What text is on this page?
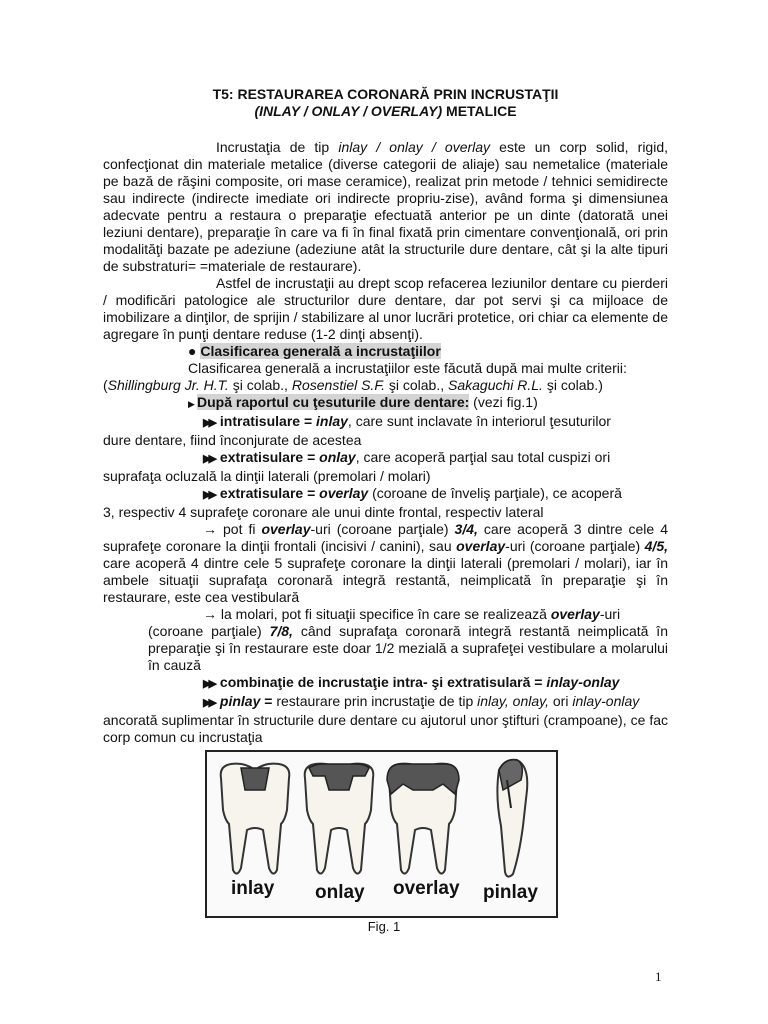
T5: RESTAURAREA CORONARĂ PRIN INCRUSTAŢII

(INLAY / ONLAY / OVERLAY) METALICE

Incrustaţia de tip inlay / onlay / overlay este un corp solid, rigid, confecţionat din materiale metalice (diverse categorii de aliaje) sau nemetalice (materiale pe bază de răşini composite, ori mase ceramice), realizat prin metode / tehnici semidirecte sau indirecte (indirecte imediate ori indirecte propriu-zise), având forma şi dimensiunea adecvate pentru a restaura o preparaţie efectuată anterior pe un dinte (datorată unei leziuni dentare), preparaţie în care va fi în final fixată prin cimentare convenţională, ori prin modalităţi bazate pe adeziune (adeziune atât la structurile dure dentare, cât şi la alte tipuri de substraturi= =materiale de restaurare).

Astfel de incrustaţii au drept scop refacerea leziunilor dentare cu pierderi / modificări patologice ale structurilor dure dentare, dar pot servi şi ca mijloace de imobilizare a dinţilor, de sprijin / stabilizare al unor lucrări protetice, ori chiar ca elemente de agregare în punţi dentare reduse (1-2 dinţi absenţi).

● Clasificarea generală a incrustaţiilor

Clasificarea generală a incrustaţiilor este făcută după mai multe criterii:

(Shillingburg Jr. H.T. şi colab., Rosenstiel S.F. şi colab., Sakaguchi R.L. şi colab.)

▶ După raportul cu ţesuturile dure dentare: (vezi fig.1)

▶▶ intratisulare = inlay, care sunt inclavate în interiorul ţesuturilor

dure dentare, fiind înconjurate de acestea

▶▶ extratisulare = onlay, care acoperă parţial sau total cuspizi ori

suprafaţa ocluzală la dinţii laterali (premolari / molari)

▶▶ extratisulare = overlay (coroane de înveliş parţiale), ce acoperă

3, respectiv 4 suprafeţe coronare ale unui dinte frontal, respectiv lateral

→ pot fi overlay-uri (coroane parţiale) 3/4, care acoperă 3 dintre cele 4 suprafeţe coronare la dinţii frontali (incisivi / canini), sau overlay-uri (coroane parţiale) 4/5, care acoperă 4 dintre cele 5 suprafeţe coronare la dinţii laterali (premolari / molari), iar în ambele situaţii suprafaţa coronară integră restantă, neimplicată în preparaţie şi în restaurare, este cea vestibulară

→ la molari, pot fi situaţii specifice în care se realizează overlay-uri

(coroane parţiale) 7/8, când suprafaţa coronară integră restantă neimplicată în preparaţie şi în restaurare este doar 1/2 mezială a suprafeţei vestibulare a molarului în cauză

▶▶ combinaţie de incrustaţie intra- şi extratisulară = inlay-onlay

▶▶ pinlay = restaurare prin incrustaţie de tip inlay, onlay, ori inlay-onlay

ancorată suplimentar în structurile dure dentare cu ajutorul unor ştifturi (crampoane), ce fac corp comun cu incrustaţia

inlay onlay overlay pinlay
Fig. 1
1
